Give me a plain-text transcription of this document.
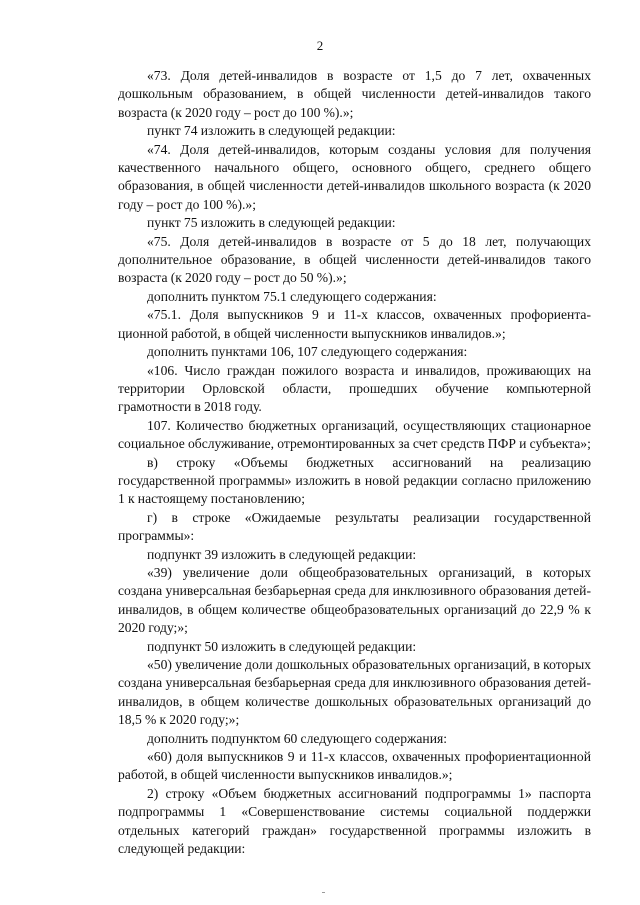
2

«73. Доля детей-инвалидов в возрасте от 1,5 до 7 лет, охваченных дошкольным образованием, в общей численности детей-инвалидов такого возраста (к 2020 году – рост до 100 %).»;

пункт 74 изложить в следующей редакции:

«74. Доля детей-инвалидов, которым созданы условия для получения качественного начального общего, основного общего, среднего общего образования, в общей численности детей-инвалидов школьного возраста (к 2020 году – рост до 100 %).»;

пункт 75 изложить в следующей редакции:

«75. Доля детей-инвалидов в возрасте от 5 до 18 лет, получающих дополнительное образование, в общей численности детей-инвалидов такого возраста (к 2020 году – рост до 50 %).»;

дополнить пунктом 75.1 следующего содержания:

«75.1. Доля выпускников 9 и 11-х классов, охваченных профориентационной работой, в общей численности выпускников инвалидов.»;

дополнить пунктами 106, 107 следующего содержания:

«106. Число граждан пожилого возраста и инвалидов, проживающих на территории Орловской области, прошедших обучение компьютерной грамотности в 2018 году.

107. Количество бюджетных организаций, осуществляющих стационарное социальное обслуживание, отремонтированных за счет средств ПФР и субъекта»;

в) строку «Объемы бюджетных ассигнований на реализацию государственной программы» изложить в новой редакции согласно приложению 1 к настоящему постановлению;

г) в строке «Ожидаемые результаты реализации государственной программы»:

подпункт 39 изложить в следующей редакции:

«39) увеличение доли общеобразовательных организаций, в которых создана универсальная безбарьерная среда для инклюзивного образования детей-инвалидов, в общем количестве общеобразовательных организаций до 22,9 % к 2020 году;»;

подпункт 50 изложить в следующей редакции:

«50) увеличение доли дошкольных образовательных организаций, в которых создана универсальная безбарьерная среда для инклюзивного образования детей-инвалидов, в общем количестве дошкольных образовательных организаций до 18,5 % к 2020 году;»;

дополнить подпунктом 60 следующего содержания:

«60) доля выпускников 9 и 11-х классов, охваченных профориентационной работой, в общей численности выпускников инвалидов.»;

2) строку «Объем бюджетных ассигнований подпрограммы 1» паспорта подпрограммы 1 «Совершенствование системы социальной поддержки отдельных категорий граждан» государственной программы изложить в следующей редакции:
